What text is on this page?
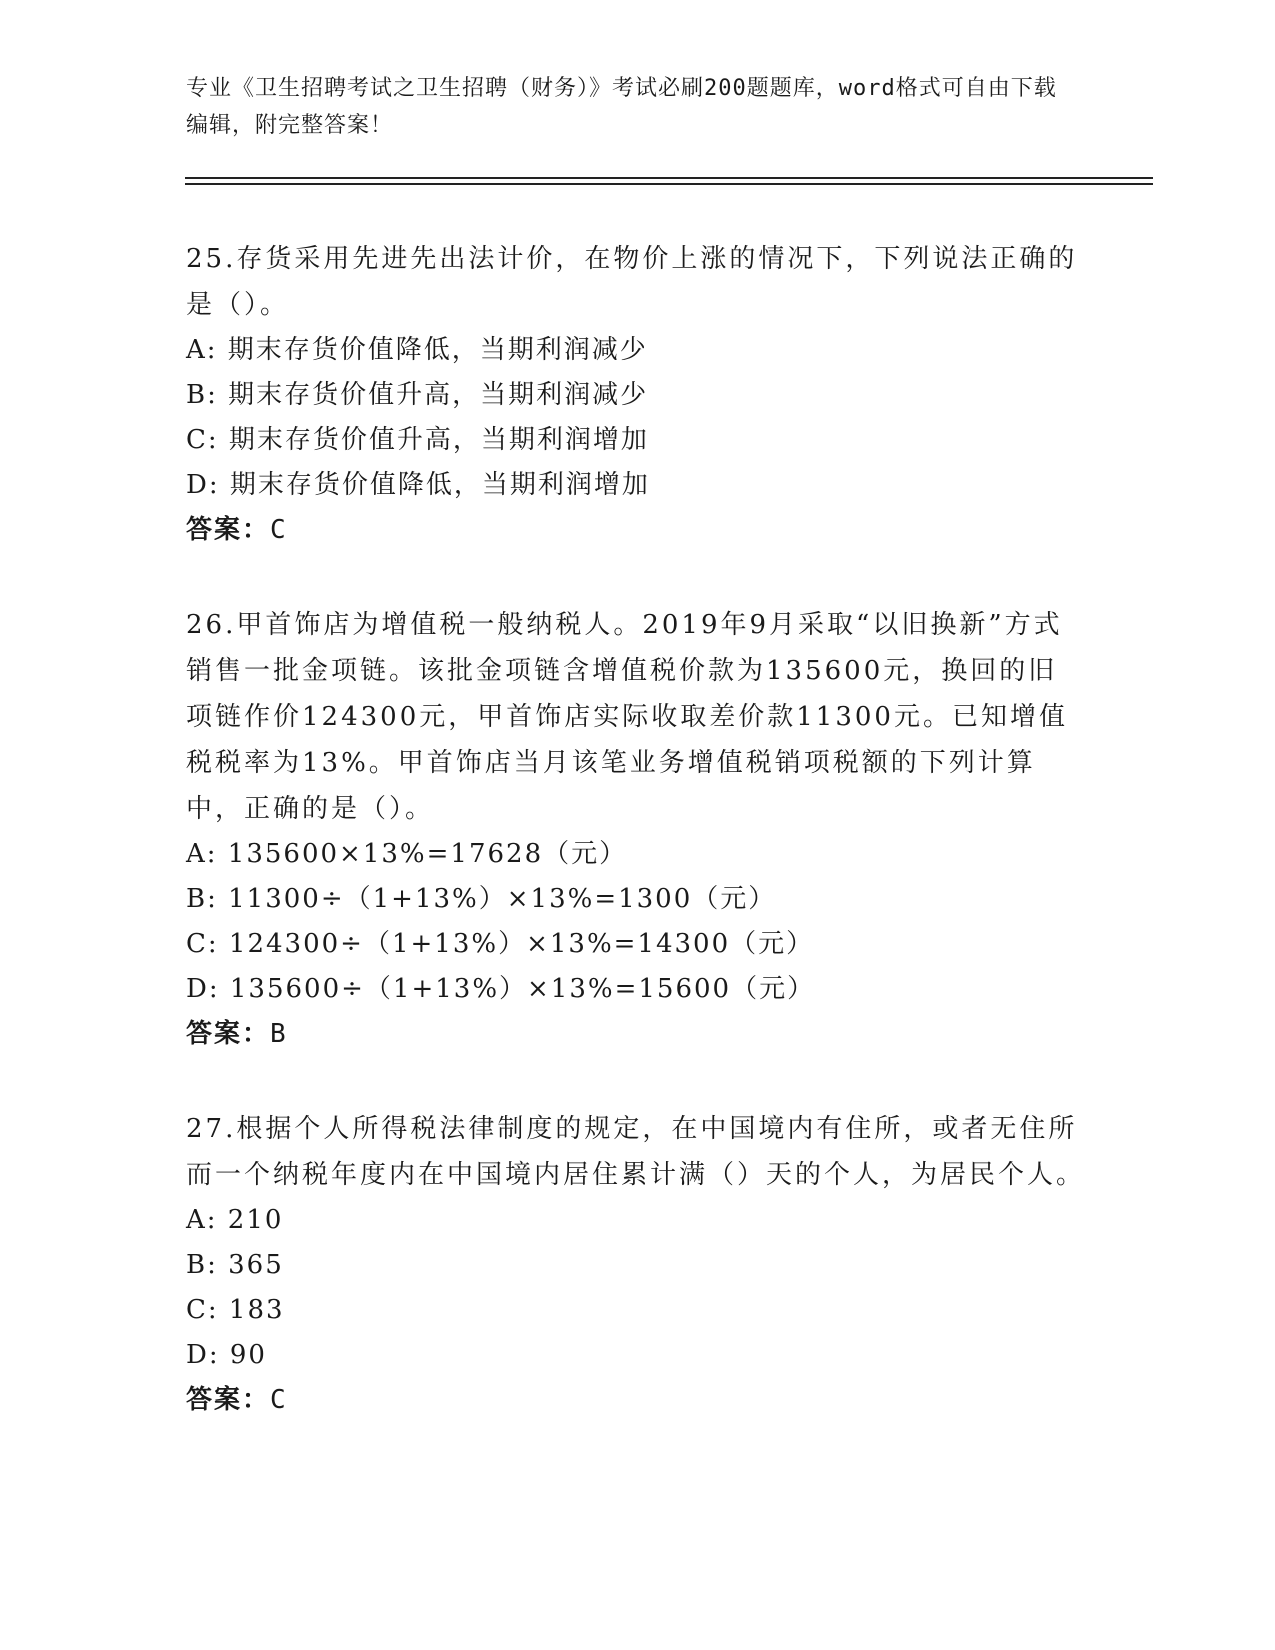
专业《卫生招聘考试之卫生招聘（财务）》考试必刷200题题库，word格式可自由下载编辑，附完整答案！

25.存货采用先进先出法计价，在物价上涨的情况下，下列说法正确的是（）。

A: 期末存货价值降低，当期利润减少

B: 期末存货价值升高，当期利润减少

C: 期末存货价值升高，当期利润增加

D: 期末存货价值降低，当期利润增加

答案：C

26.甲首饰店为增值税一般纳税人。2019年9月采取“以旧换新”方式销售一批金项链。该批金项链含增值税价款为135600元，换回的旧项链作价124300元，甲首饰店实际收取差价款11300元。已知增值税税率为13%。甲首饰店当月该笔业务增值税销项税额的下列计算中，正确的是（）。

A: 135600×13%=17628（元）

B: 11300÷（1+13%）×13%=1300（元）

C: 124300÷（1+13%）×13%=14300（元）

D: 135600÷（1+13%）×13%=15600（元）

答案：B

27.根据个人所得税法律制度的规定，在中国境内有住所，或者无住所而一个纳税年度内在中国境内居住累计满（）天的个人，为居民个人。

A: 210

B: 365

C: 183

D: 90

答案：C
